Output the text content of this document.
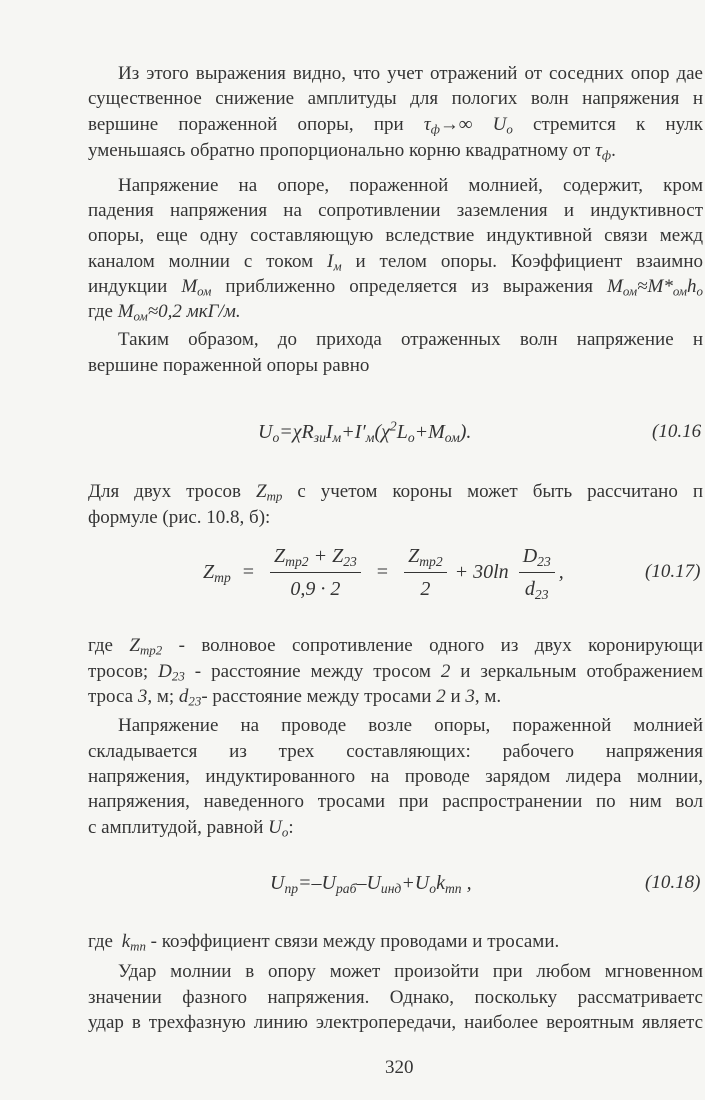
Из этого выражения видно, что учет отражений от соседних опор дае
существенное снижение амплитуды для пологих волн напряжения н
вершине пораженной опоры, при $\tau_ф\to\infty$ $U_о$ стремится к нулк
уменьшаясь обратно пропорционально корню квадратному от $\tau_ф$.
Напряжение на опоре, пораженной молнией, содержит, кром
падения напряжения на сопротивлении заземления и индуктивност
опоры, еще одну составляющую вследствие индуктивной связи межд
каналом молнии с током $I_м$ и телом опоры. Коэффициент взаимно
индукции $M_{ом}$ приближенно определяется из выражения $M_{ом}\approx M*_{ом}h_о$
где $M_{ом}\approx 0,2$ мкГ/м.
Таким образом, до прихода отраженных волн напряжение н
вершине пораженной опоры равно
$U_о=\chi R_{зи}I_м+I'_м(\chi^2L_о+M_{ом})$.	(10.16
Для двух тросов $Z_{тр}$ с учетом короны может быть рассчитано п
формуле (рис. 10.8, б):
$Z_{тр} = \frac{Z_{тр2} + Z_{23}}{0,9 \cdot 2} = \frac{Z_{тр2}}{2} + 30\ln \frac{D_{23}}{d_{23}}$ ,	(10.17)
где $Z_{тр2}$ - волновое сопротивление одного из двух коронирующи
тросов; $D_{23}$ - расстояние между тросом 2 и зеркальным отображением
троса 3, м; $d_{23}-$ расстояние между тросами 2 и 3, м.
Напряжение на проводе возле опоры, пораженной молнией
складывается из трех составляющих: рабочего напряжения
напряжения, индуктированного на проводе зарядом лидера молнии,
напряжения, наведенного тросами при распространении по ним вол
с амплитудой, равной $U_о$:
$U_{пр}=-U_{раб}-U_{инд}+U_оk_{тп}$ ,	(10.18)
где $k_{тп}$ - коэффициент связи между проводами и тросами.
Удар молнии в опору может произойти при любом мгновенном
значении фазного напряжения. Однако, поскольку рассматриваетс
удар в трехфазную линию электропередачи, наиболее вероятным являетс
320
